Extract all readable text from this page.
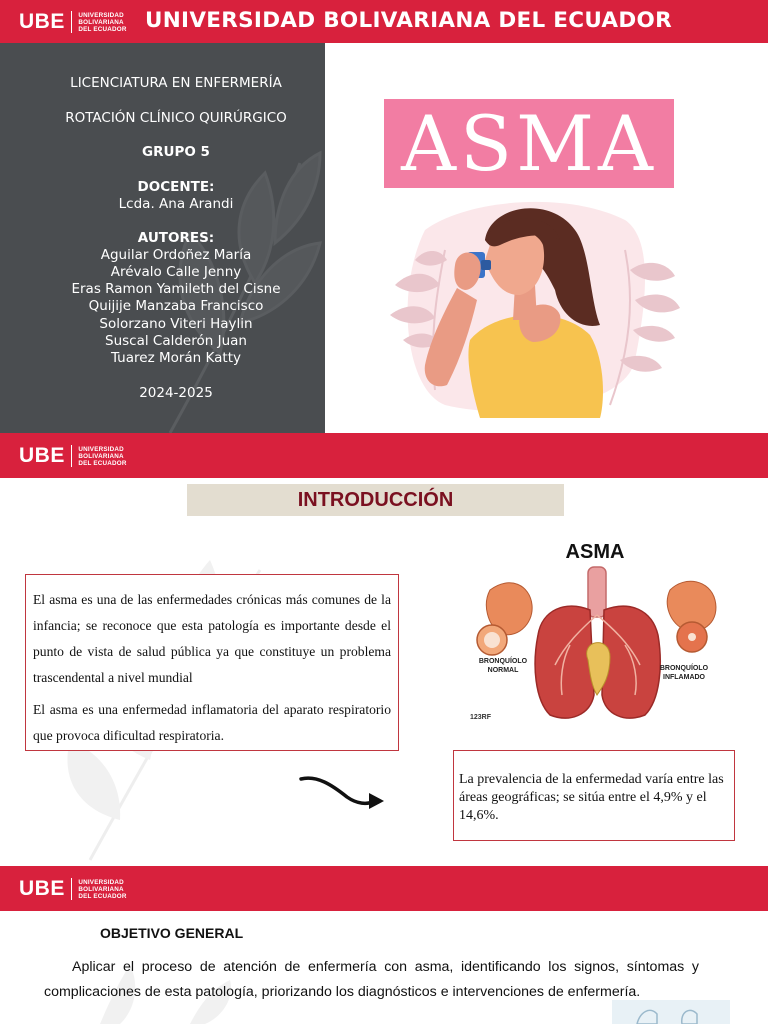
UBE UNIVERSIDAD
BOLIVARIANA
DEL ECUADOR UNIVERSIDAD BOLIVARIANA DEL ECUADOR
LICENCIATURA EN ENFERMERÍA
ROTACIÓN CLÍNICO QUIRÚRGICO
GRUPO 5
DOCENTE:
Lcda. Ana Arandi
AUTORES:
Aguilar Ordoñez María
Arévalo Calle Jenny
Eras Ramon Yamileth del Cisne
Quijije Manzaba Francisco
Solorzano Viteri Haylin
Suscal Calderón Juan
Tuarez Morán Katty
2024-2025
ASMA
UBE UNIVERSIDAD
BOLIVARIANA
DEL ECUADOR
INTRODUCCIÓN

El asma es una de las enfermedades crónicas más comunes de la infancia; se reconoce que esta patología es importante desde el punto de vista de salud pública ya que constituye un problema trascendental a nivel mundial

El asma es una enfermedad inflamatoria del aparato respiratorio que provoca dificultad respiratoria.

ASMA
BRONQUÍOLO
NORMAL	BRONQUÍOLO
INFLAMADO
123RF

La prevalencia de la enfermedad varía entre las áreas geográficas; se sitúa entre el 4,9% y el 14,6%.

UBE UNIVERSIDAD
BOLIVARIANA
DEL ECUADOR
OBJETIVO GENERAL

Aplicar el proceso de atención de enfermería con asma, identificando los signos, síntomas y complicaciones de esta patología, priorizando los diagnósticos e intervenciones de enfermería.
